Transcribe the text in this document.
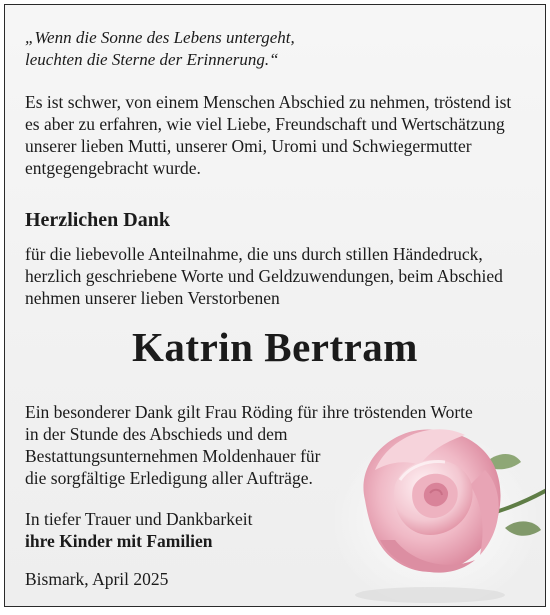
„Wenn die Sonne des Lebens untergeht,
leuchten die Sterne der Erinnerung.“
Es ist schwer, von einem Menschen Abschied zu nehmen, tröstend ist
es aber zu erfahren, wie viel Liebe, Freundschaft und Wertschätzung
unserer lieben Mutti, unserer Omi, Uromi und Schwiegermutter
entgegengebracht wurde.
Herzlichen Dank
für die liebevolle Anteilnahme, die uns durch stillen Händedruck,
herzlich geschriebene Worte und Geldzuwendungen, beim Abschied
nehmen unserer lieben Verstorbenen
Katrin Bertram
Ein besonderer Dank gilt Frau Röding für ihre tröstenden Worte
in der Stunde des Abschieds und dem
Bestattungsunternehmen Moldenhauer für
die sorgfältige Erledigung aller Aufträge.
In tiefer Trauer und Dankbarkeit
ihre Kinder mit Familien
Bismark, April 2025
